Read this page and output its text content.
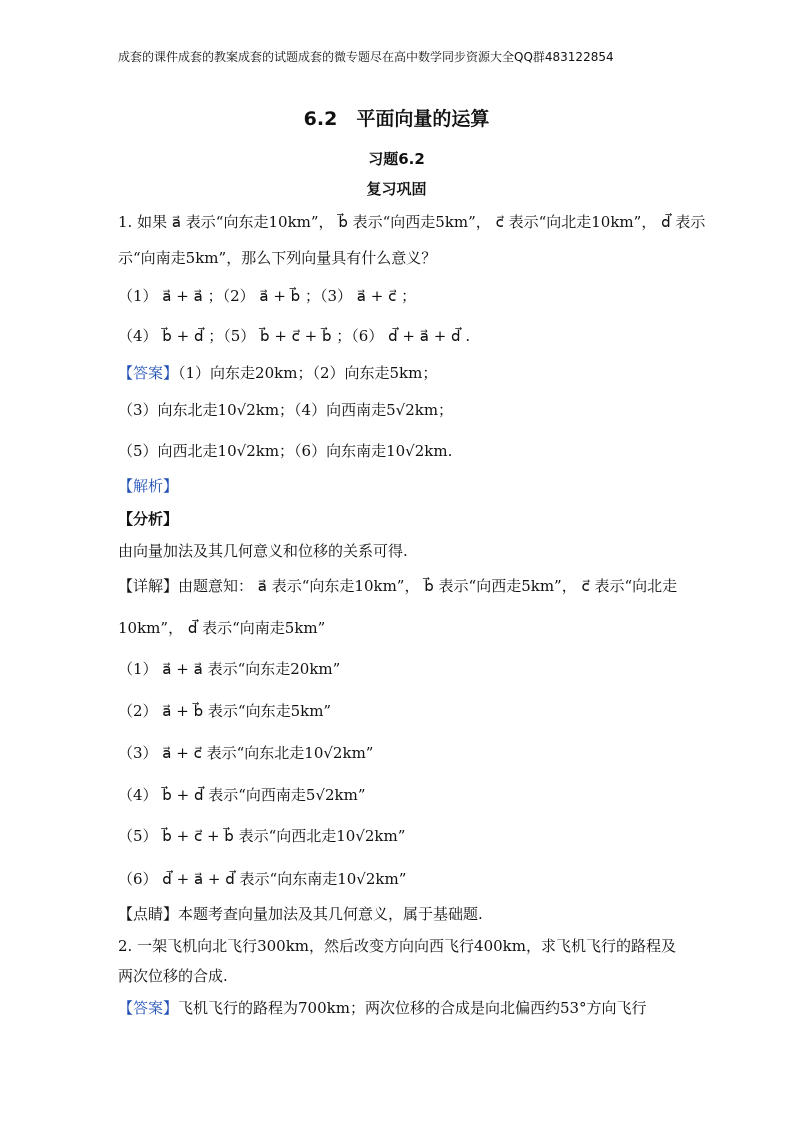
成套的课件成套的教案成套的试题成套的微专题尽在高中数学同步资源大全QQ群483122854
6.2　平面向量的运算
习题6.2
复习巩固
1. 如果 a⃗ 表示“向东走10km”， b⃗ 表示“向西走5km”， c⃗ 表示“向北走10km”， d⃗ 表示
示“向南走5km”，那么下列向量具有什么意义？
（1） a⃗ + a⃗ ；（2） a⃗ + b⃗ ；（3） a⃗ + c⃗ ；
（4） b⃗ + d⃗ ；（5） b⃗ + c⃗ + b⃗ ；（6） d⃗ + a⃗ + d⃗ .
【答案】（1）向东走20km；（2）向东走5km；
（3）向东北走10√2km；（4）向西南走5√2km；
（5）向西北走10√2km；（6）向东南走10√2km.
【解析】
【分析】
由向量加法及其几何意义和位移的关系可得.
【详解】由题意知： a⃗ 表示“向东走10km”， b⃗ 表示“向西走5km”， c⃗ 表示“向北走
10km”， d⃗ 表示“向南走5km”
（1） a⃗ + a⃗ 表示“向东走20km”
（2） a⃗ + b⃗ 表示“向东走5km”
（3） a⃗ + c⃗ 表示“向东北走10√2km”
（4） b⃗ + d⃗ 表示“向西南走5√2km”
（5） b⃗ + c⃗ + b⃗ 表示“向西北走10√2km”
（6） d⃗ + a⃗ + d⃗ 表示“向东南走10√2km”
【点睛】本题考查向量加法及其几何意义，属于基础题.
2. 一架飞机向北飞行300km，然后改变方向向西飞行400km，求飞机飞行的路程及
两次位移的合成.
【答案】飞机飞行的路程为700km；两次位移的合成是向北偏西约53°方向飞行
